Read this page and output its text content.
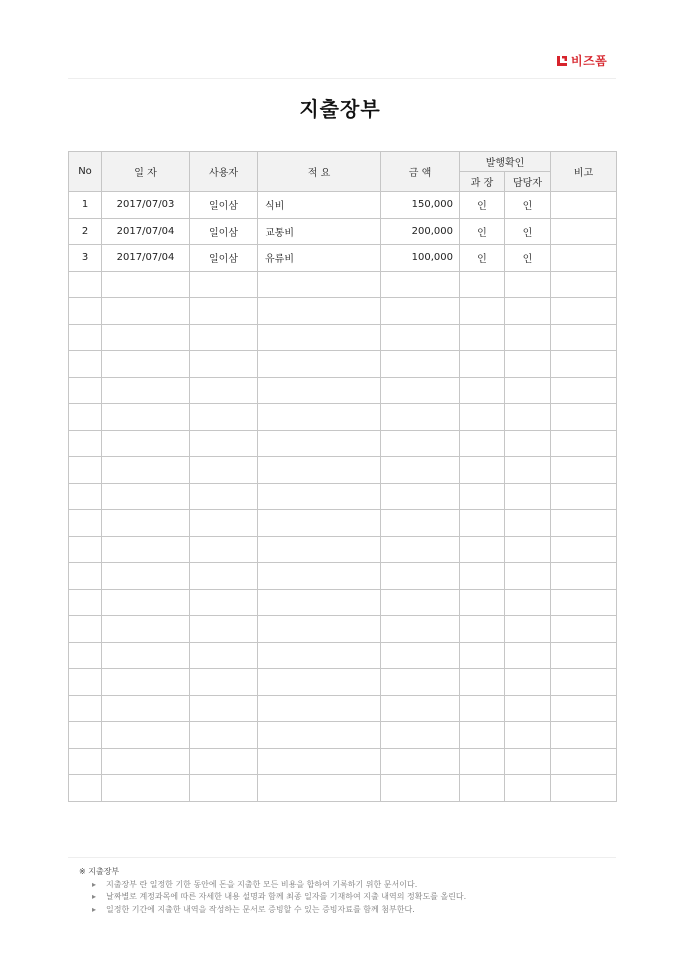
비즈폼
지출장부
No	일 자	사용자	적 요	금 액	발행확인		비고
					과 장	담당자	
1	2017/07/03	일이삼	식비	150,000	인	인	
2	2017/07/04	일이삼	교통비	200,000	인	인	
3	2017/07/04	일이삼	유류비	100,000	인	인	

※ 지출장부
▸ 지출장부 란 일정한 기한 동안에 돈을 지출한 모든 비용을 합하여 기록하기 위한 문서이다.
▸ 날짜별로 계정과목에 따른 자세한 내용 설명과 함께 최종 일자를 기재하여 지출 내역의 정확도를 올린다.
▸ 일정한 기간에 지출한 내역을 작성하는 문서로 증빙할 수 있는 증빙자료를 함께 첨부한다.
